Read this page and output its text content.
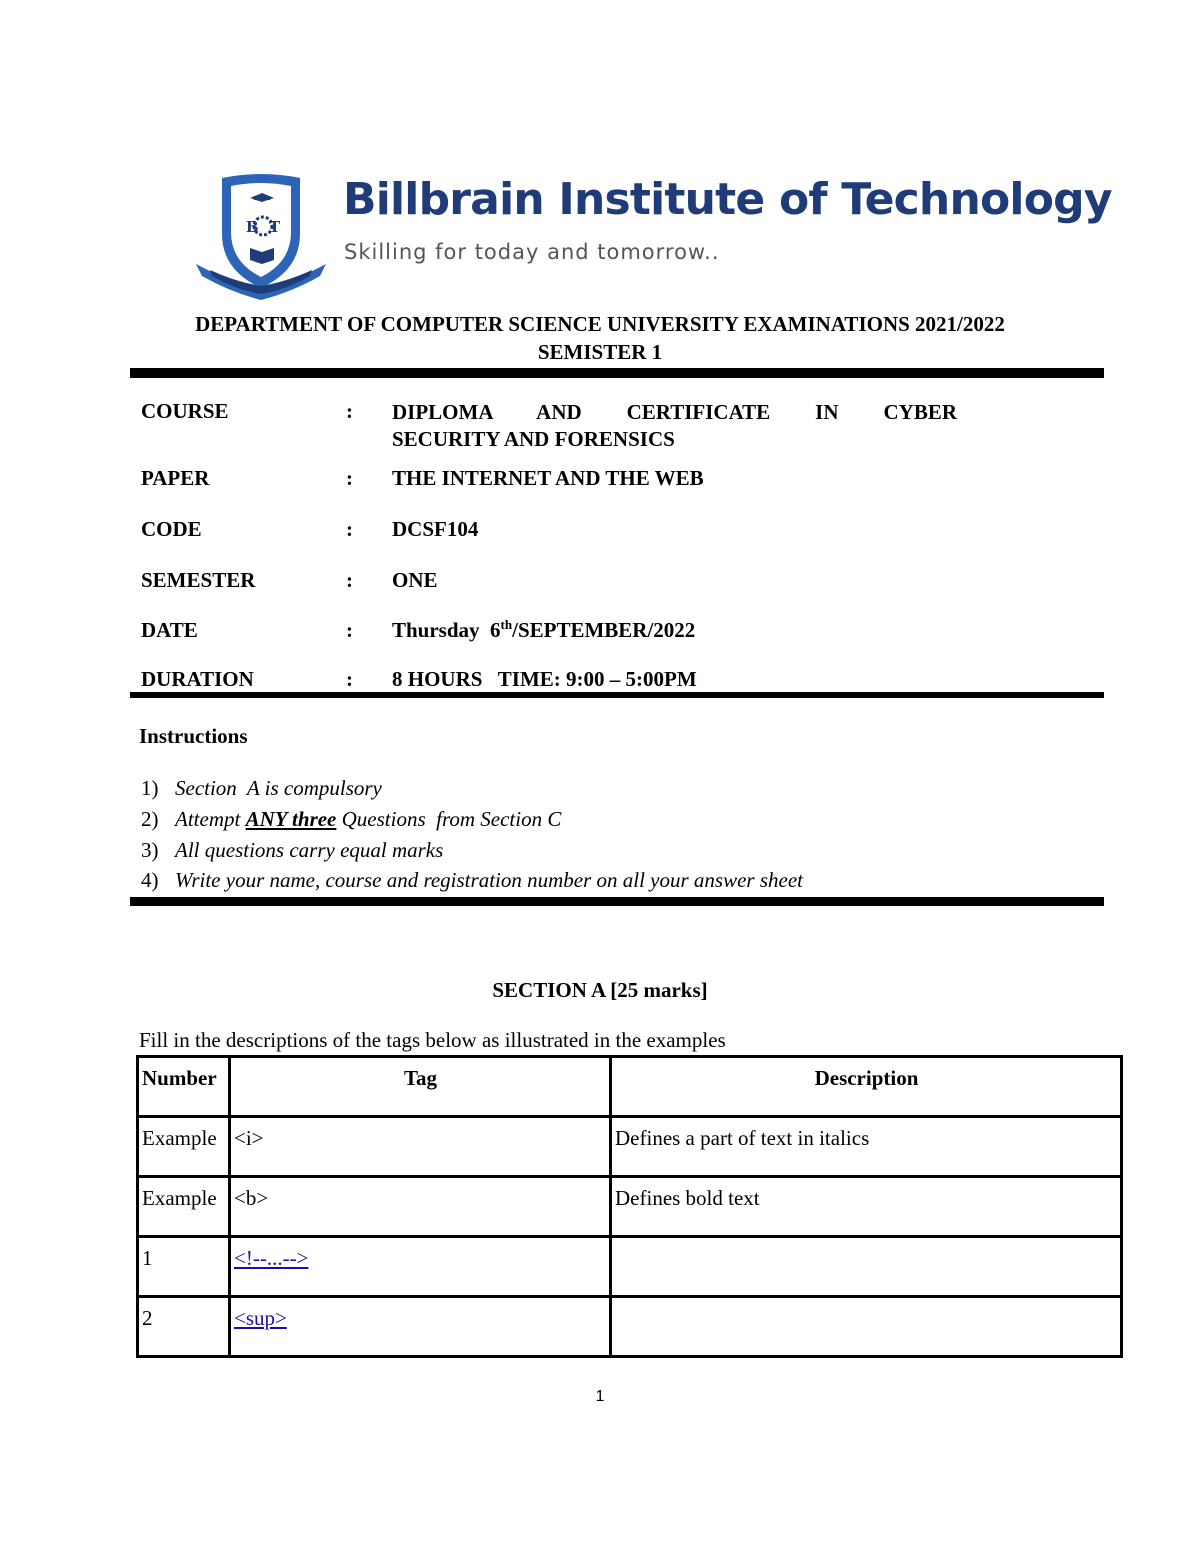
B  T
Billbrain Institute of Technology
Skilling for today and tomorrow..
DEPARTMENT OF COMPUTER SCIENCE UNIVERSITY EXAMINATIONS 2021/2022
SEMISTER 1
COURSE	: DIPLOMA AND CERTIFICATE IN CYBER
SECURITY AND FORENSICS
PAPER	: THE INTERNET AND THE WEB
CODE	: DCSF104
SEMESTER	: ONE
DATE	: Thursday  6th/SEPTEMBER/2022
DURATION	: 8 HOURS   TIME: 9:00 – 5:00PM
Instructions
1) Section  A is compulsory
2) Attempt ANY three Questions  from Section C
3) All questions carry equal marks
4) Write your name, course and registration number on all your answer sheet
SECTION A [25 marks]
Fill in the descriptions of the tags below as illustrated in the examples
Number	Tag	Description
Example	<i>	Defines a part of text in italics
Example	<b>	Defines bold text
1	<!--...-->	
2	<sup>	
1
